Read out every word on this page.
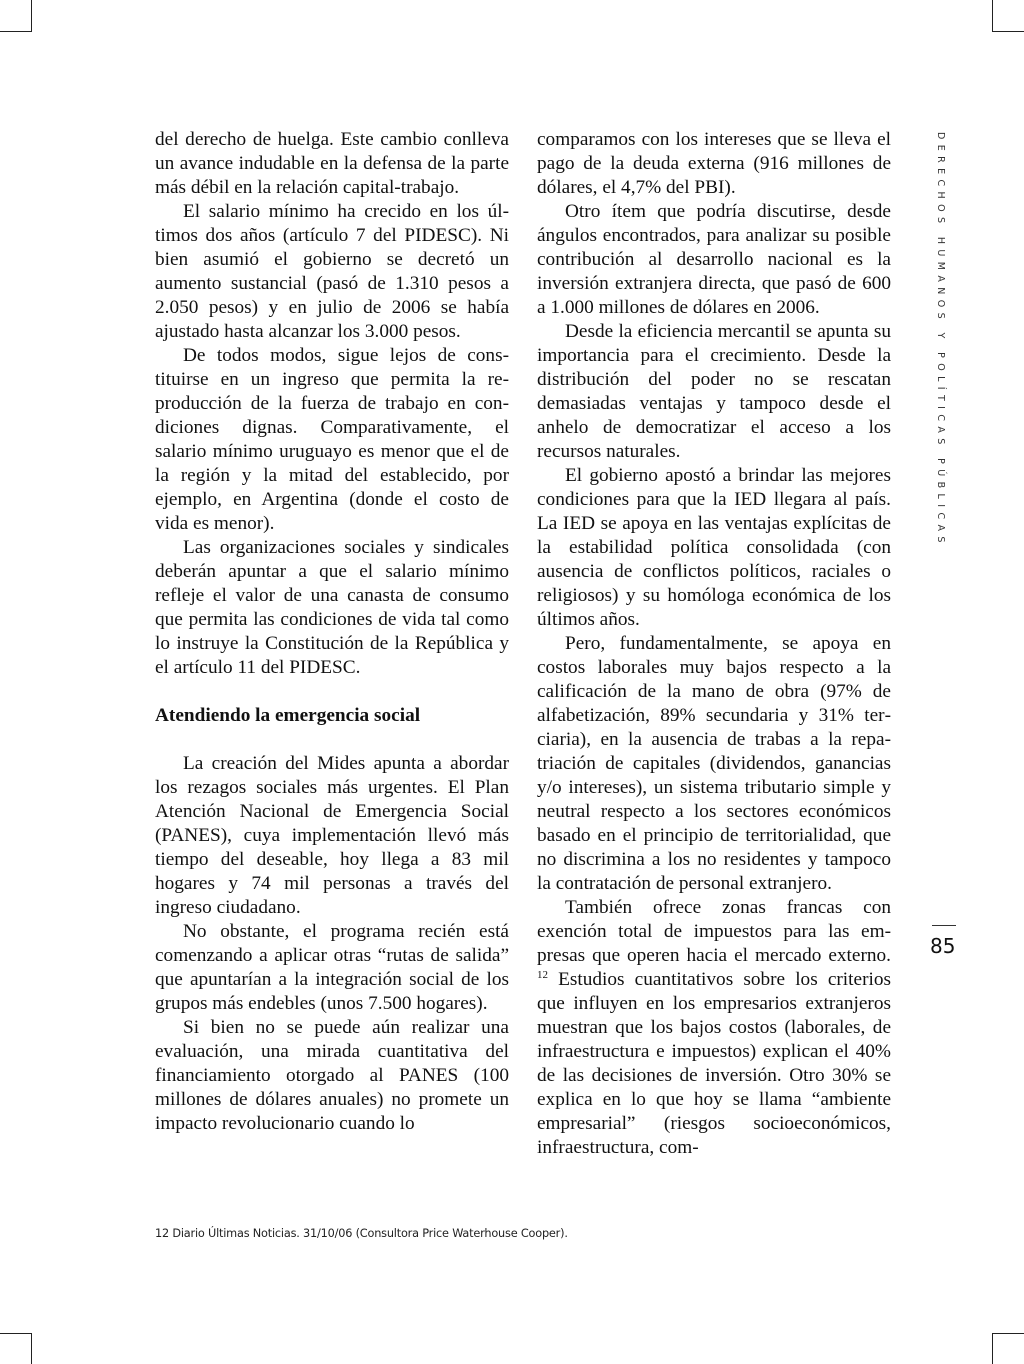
del derecho de huelga. Este cambio conlleva un avance indudable en la defensa de la parte más débil en la relación capital-trabajo.

El salario mínimo ha crecido en los últimos dos años (artículo 7 del PIDESC). Ni bien asumió el gobierno se decretó un aumento sustancial (pasó de 1.310 pesos a 2.050 pesos) y en julio de 2006 se había ajustado hasta alcanzar los 3.000 pesos.

De todos modos, sigue lejos de constituirse en un ingreso que permita la reproducción de la fuerza de trabajo en condiciones dignas. Comparativamente, el salario mínimo uruguayo es menor que el de la región y la mitad del establecido, por ejemplo, en Argentina (donde el costo de vida es menor).

Las organizaciones sociales y sindicales deberán apuntar a que el salario mínimo refleje el valor de una canasta de consumo que permita las condiciones de vida tal como lo instruye la Constitución de la República y el artículo 11 del PIDESC.

Atendiendo la emergencia social

La creación del Mides apunta a abordar los rezagos sociales más urgentes. El Plan Atención Nacional de Emergencia Social (PANES), cuya implementación llevó más tiempo del deseable, hoy llega a 83 mil hogares y 74 mil personas a través del ingreso ciudadano.

No obstante, el programa recién está comenzando a aplicar otras “rutas de salida” que apuntarían a la integración social de los grupos más endebles (unos 7.500 hogares).

Si bien no se puede aún realizar una evaluación, una mirada cuantitativa del financiamiento otorgado al PANES (100 millones de dólares anuales) no promete un impacto revolucionario cuando lo

comparamos con los intereses que se lleva el pago de la deuda externa (916 millones de dólares, el 4,7% del PBI).

Otro ítem que podría discutirse, desde ángulos encontrados, para analizar su posible contribución al desarrollo nacional es la inversión extranjera directa, que pasó de 600 a 1.000 millones de dólares en 2006.

Desde la eficiencia mercantil se apunta su importancia para el crecimiento. Desde la distribución del poder no se rescatan demasiadas ventajas y tampoco desde el anhelo de democratizar el acceso a los recursos naturales.

El gobierno apostó a brindar las mejores condiciones para que la IED llegara al país. La IED se apoya en las ventajas explícitas de la estabilidad política consolidada (con ausencia de conflictos políticos, raciales o religiosos) y su homóloga económica de los últimos años.

Pero, fundamentalmente, se apoya en costos laborales muy bajos respecto a la calificación de la mano de obra (97% de alfabetización, 89% secundaria y 31% terciaria), en la ausencia de trabas a la repatriación de capitales (dividendos, ganancias y/o intereses), un sistema tributario simple y neutral respecto a los sectores económicos basado en el principio de territorialidad, que no discrimina a los no residentes y tampoco la contratación de personal extranjero.

También ofrece zonas francas con exención total de impuestos para las empresas que operen hacia el mercado externo. $^{12}$ Estudios cuantitativos sobre los criterios que influyen en los empresarios extranjeros muestran que los bajos costos (laborales, de infraestructura e impuestos) explican el 40% de las decisiones de inversión. Otro 30% se explica en lo que hoy se llama “ambiente empresarial” (riesgos socioeconómicos, infraestructura, com-

DERECHOS HUMANOS Y POLÍTICAS PÚBLICAS
85
12 Diario Últimas Noticias. 31/10/06 (Consultora Price Waterhouse Cooper).
